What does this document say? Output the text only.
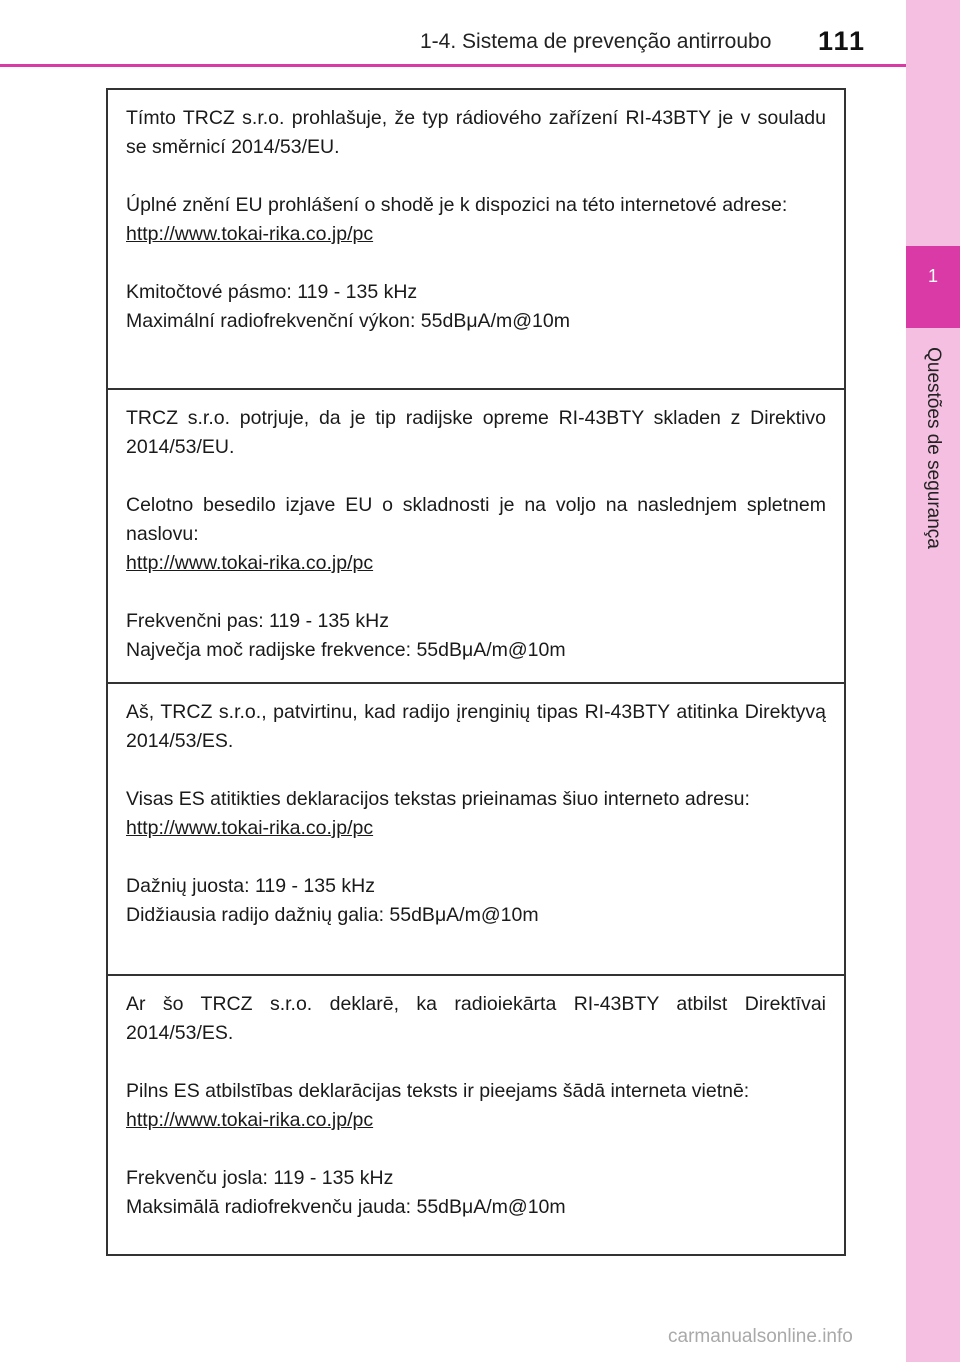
1-4. Sistema de prevenção antirroubo 111
1
Questões de segurança

Tímto TRCZ s.r.o. prohlašuje, že typ rádiového zařízení RI-43BTY je v souladu se směrnicí 2014/53/EU.

Úplné znění EU prohlášení o shodě je k dispozici na této internetové adrese:

http://www.tokai-rika.co.jp/pc

Kmitočtové pásmo: 119 - 135 kHz

Maximální radiofrekvenční výkon: 55dBμA/m@10m

TRCZ s.r.o. potrjuje, da je tip radijske opreme RI-43BTY skladen z Direktivo 2014/53/EU.

Celotno besedilo izjave EU o skladnosti je na voljo na naslednjem spletnem naslovu:

http://www.tokai-rika.co.jp/pc

Frekvenčni pas: 119 - 135 kHz

Največja moč radijske frekvence: 55dBμA/m@10m

Aš, TRCZ s.r.o., patvirtinu, kad radijo įrenginių tipas RI-43BTY atitinka Direktyvą 2014/53/ES.

Visas ES atitikties deklaracijos tekstas prieinamas šiuo interneto adresu:

http://www.tokai-rika.co.jp/pc

Dažnių juosta: 119 - 135 kHz

Didžiausia radijo dažnių galia: 55dBμA/m@10m

Ar šo TRCZ s.r.o. deklarē, ka radioiekārta RI-43BTY atbilst Direktīvai 2014/53/ES.

Pilns ES atbilstības deklarācijas teksts ir pieejams šādā interneta vietnē:

http://www.tokai-rika.co.jp/pc

Frekvenču josla: 119 - 135 kHz

Maksimālā radiofrekvenču jauda: 55dBμA/m@10m

carmanualsonline.info
